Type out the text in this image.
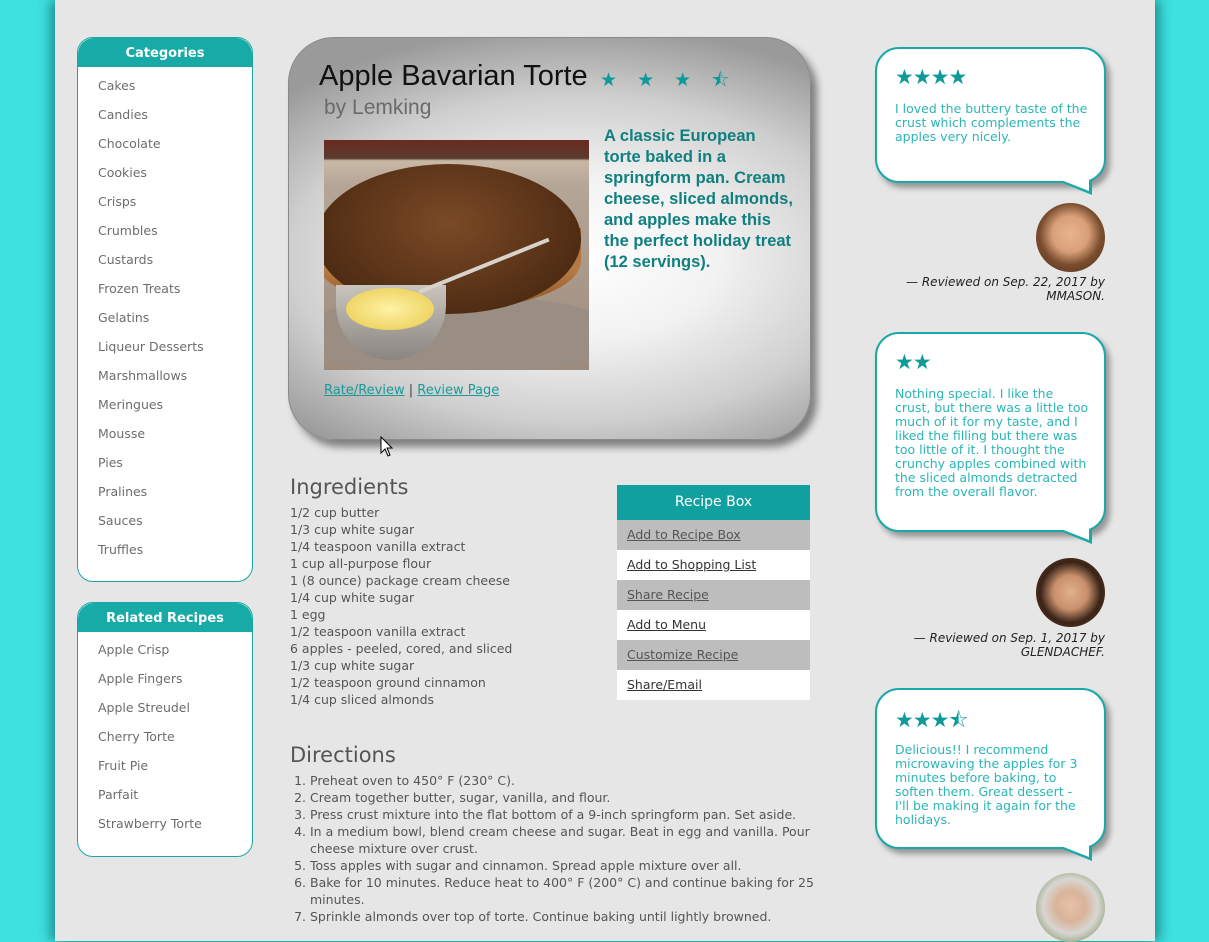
Categories
Cakes
Candies
Chocolate
Cookies
Crisps
Crumbles
Custards
Frozen Treats
Gelatins
Liqueur Desserts
Marshmallows
Meringues
Mousse
Pies
Pralines
Sauces
Truffles
Related Recipes
Apple Crisp
Apple Fingers
Apple Streudel
Cherry Torte
Fruit Pie
Parfait
Strawberry Torte
Apple Bavarian Torte ★ ★ ★ ⯪
by Lemking
A classic European torte baked in a springform pan. Cream cheese, sliced almonds, and apples make this the perfect holiday treat (12 servings).
Rate/Review | Review Page
Ingredients
1/2 cup butter
1/3 cup white sugar
1/4 teaspoon vanilla extract
1 cup all-purpose flour
1 (8 ounce) package cream cheese
1/4 cup white sugar
1 egg
1/2 teaspoon vanilla extract
6 apples - peeled, cored, and sliced
1/3 cup white sugar
1/2 teaspoon ground cinnamon
1/4 cup sliced almonds
Recipe Box
Add to Recipe Box
Add to Shopping List
Share Recipe
Add to Menu
Customize Recipe
Share/Email
Directions
1. Preheat oven to 450° F (230° C).
2. Cream together butter, sugar, vanilla, and flour.
3. Press crust mixture into the flat bottom of a 9-inch springform pan. Set aside.
4. In a medium bowl, blend cream cheese and sugar. Beat in egg and vanilla. Pour cheese mixture over crust.
5. Toss apples with sugar and cinnamon. Spread apple mixture over all.
6. Bake for 10 minutes. Reduce heat to 400° F (200° C) and continue baking for 25 minutes.
7. Sprinkle almonds over top of torte. Continue baking until lightly browned.
★★★★
I loved the buttery taste of the crust which complements the apples very nicely.
— Reviewed on Sep. 22, 2017 by MMASON.
★★
Nothing special. I like the crust, but there was a little too much of it for my taste, and I liked the filling but there was too little of it. I thought the crunchy apples combined with the sliced almonds detracted from the overall flavor.
— Reviewed on Sep. 1, 2017 by GLENDACHEF.
★★★⯪
Delicious!! I recommend microwaving the apples for 3 minutes before baking, to soften them. Great dessert - I'll be making it again for the holidays.
